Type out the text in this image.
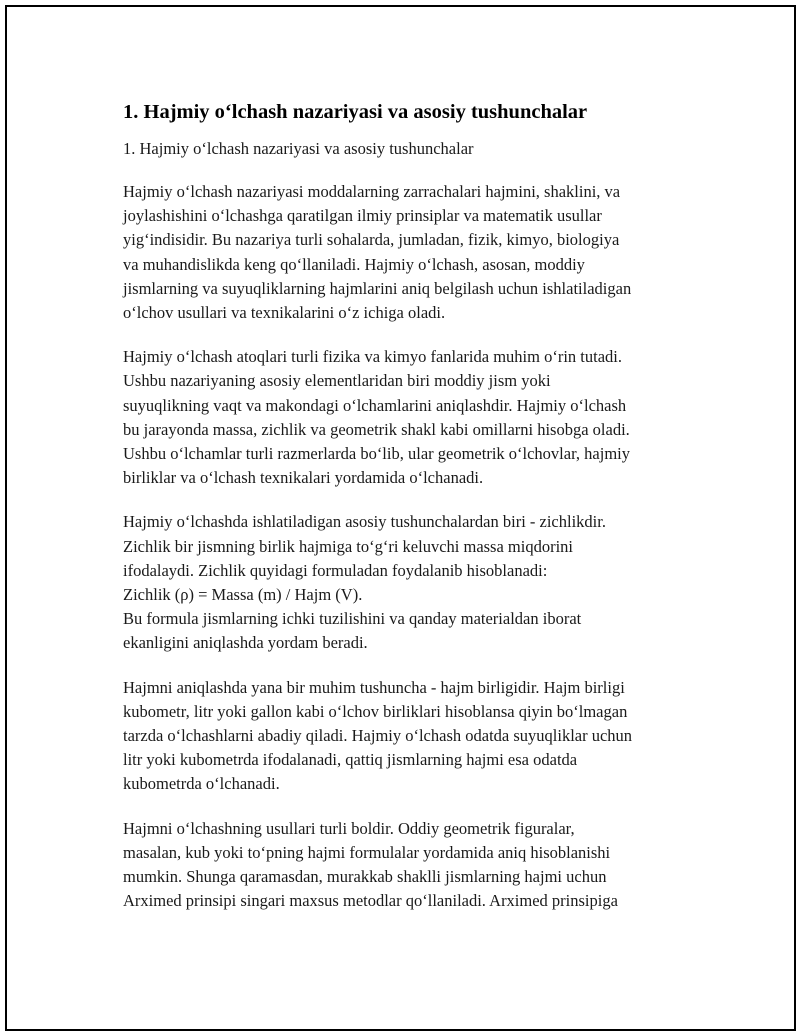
1. Hajmiy o‘lchash nazariyasi va asosiy tushunchalar
1. Hajmiy o‘lchash nazariyasi va asosiy tushunchalar
Hajmiy o‘lchash nazariyasi moddalarning zarrachalari hajmini, shaklini, va
joylashishini o‘lchashga qaratilgan ilmiy prinsiplar va matematik usullar
yig‘indisidir. Bu nazariya turli sohalarda, jumladan, fizik, kimyo, biologiya
va muhandislikda keng qo‘llaniladi. Hajmiy o‘lchash, asosan, moddiy
jismlarning va suyuqliklarning hajmlarini aniq belgilash uchun ishlatiladigan
o‘lchov usullari va texnikalarini o‘z ichiga oladi.
Hajmiy o‘lchash atoqlari turli fizika va kimyo fanlarida muhim o‘rin tutadi.
Ushbu nazariyaning asosiy elementlaridan biri moddiy jism yoki
suyuqlikning vaqt va makondagi o‘lchamlarini aniqlashdir. Hajmiy o‘lchash
bu jarayonda massa, zichlik va geometrik shakl kabi omillarni hisobga oladi.
Ushbu o‘lchamlar turli razmerlarda bo‘lib, ular geometrik o‘lchovlar, hajmiy
birliklar va o‘lchash texnikalari yordamida o‘lchanadi.
Hajmiy o‘lchashda ishlatiladigan asosiy tushunchalardan biri - zichlikdir.
Zichlik bir jismning birlik hajmiga to‘g‘ri keluvchi massa miqdorini
ifodalaydi. Zichlik quyidagi formuladan foydalanib hisoblanadi:
Zichlik (ρ) = Massa (m) / Hajm (V).
Bu formula jismlarning ichki tuzilishini va qanday materialdan iborat
ekanligini aniqlashda yordam beradi.
Hajmni aniqlashda yana bir muhim tushuncha - hajm birligidir. Hajm birligi
kubometr, litr yoki gallon kabi o‘lchov birliklari hisoblansa qiyin bo‘lmagan
tarzda o‘lchashlarni abadiy qiladi. Hajmiy o‘lchash odatda suyuqliklar uchun
litr yoki kubometrda ifodalanadi, qattiq jismlarning hajmi esa odatda
kubometrda o‘lchanadi.
Hajmni o‘lchashning usullari turli boldir. Oddiy geometrik figuralar,
masalan, kub yoki to‘pning hajmi formulalar yordamida aniq hisoblanishi
mumkin. Shunga qaramasdan, murakkab shaklli jismlarning hajmi uchun
Arximed prinsipi singari maxsus metodlar qo‘llaniladi. Arximed prinsipiga
